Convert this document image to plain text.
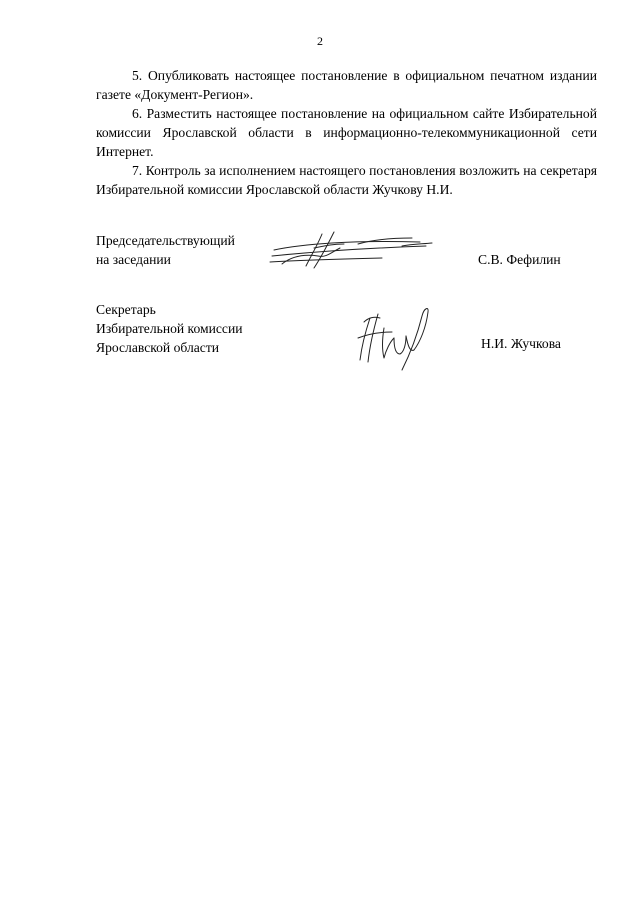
2

5. Опубликовать настоящее постановление в официальном печатном издании газете «Документ-Регион».

6. Разместить настоящее постановление на официальном сайте Избирательной комиссии Ярославской области в информационно-телекоммуникационной сети Интернет.

7. Контроль за исполнением настоящего постановления возложить на секретаря Избирательной комиссии Ярославской области Жучкову Н.И.

Председательствующий
на заседании	С.В. Фефилин
Секретарь
Избирательной комиссии
Ярославской области	Н.И. Жучкова
